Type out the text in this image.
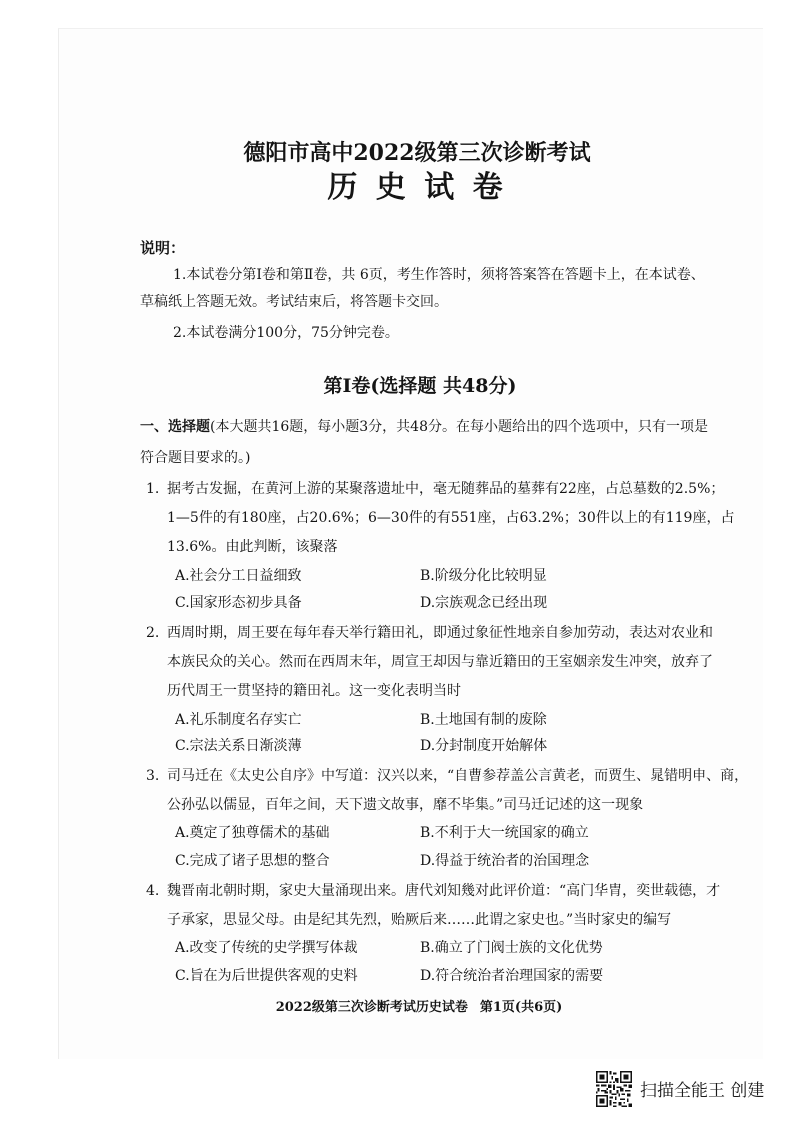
德阳市高中2022级第三次诊断考试
历 史 试 卷
说明：
1.本试卷分第Ⅰ卷和第Ⅱ卷，共 6页，考生作答时，须将答案答在答题卡上，在本试卷、
草稿纸上答题无效。考试结束后，将答题卡交回。
2.本试卷满分100分，75分钟完卷。
第Ⅰ卷(选择题 共48分)
一、选择题(本大题共16题，每小题3分，共48分。在每小题给出的四个选项中，只有一项是
符合题目要求的。)
1. 据考古发掘，在黄河上游的某聚落遗址中，毫无随葬品的墓葬有22座，占总墓数的2.5%；
1—5件的有180座，占20.6%；6—30件的有551座，占63.2%；30件以上的有119座，占
13.6%。由此判断，该聚落
A.社会分工日益细致	B.阶级分化比较明显
C.国家形态初步具备	D.宗族观念已经出现
2. 西周时期，周王要在每年春天举行籍田礼，即通过象征性地亲自参加劳动，表达对农业和
本族民众的关心。然而在西周末年，周宣王却因与靠近籍田的王室姻亲发生冲突，放弃了
历代周王一贯坚持的籍田礼。这一变化表明当时
A.礼乐制度名存实亡	B.土地国有制的废除
C.宗法关系日渐淡薄	D.分封制度开始解体
3. 司马迁在《太史公自序》中写道：汉兴以来，“自曹参荐盖公言黄老，而贾生、晁错明申、商，
公孙弘以儒显，百年之间，天下遗文故事，靡不毕集。”司马迁记述的这一现象
A.奠定了独尊儒术的基础	B.不利于大一统国家的确立
C.完成了诸子思想的整合	D.得益于统治者的治国理念
4. 魏晋南北朝时期，家史大量涌现出来。唐代刘知幾对此评价道：“高门华胄，奕世载德，才
子承家，思显父母。由是纪其先烈，贻厥后来……此谓之家史也。”当时家史的编写
A.改变了传统的史学撰写体裁	B.确立了门阀士族的文化优势
C.旨在为后世提供客观的史料	D.符合统治者治理国家的需要
2022级第三次诊断考试历史试卷 第1页(共6页)
扫描全能王 创建
